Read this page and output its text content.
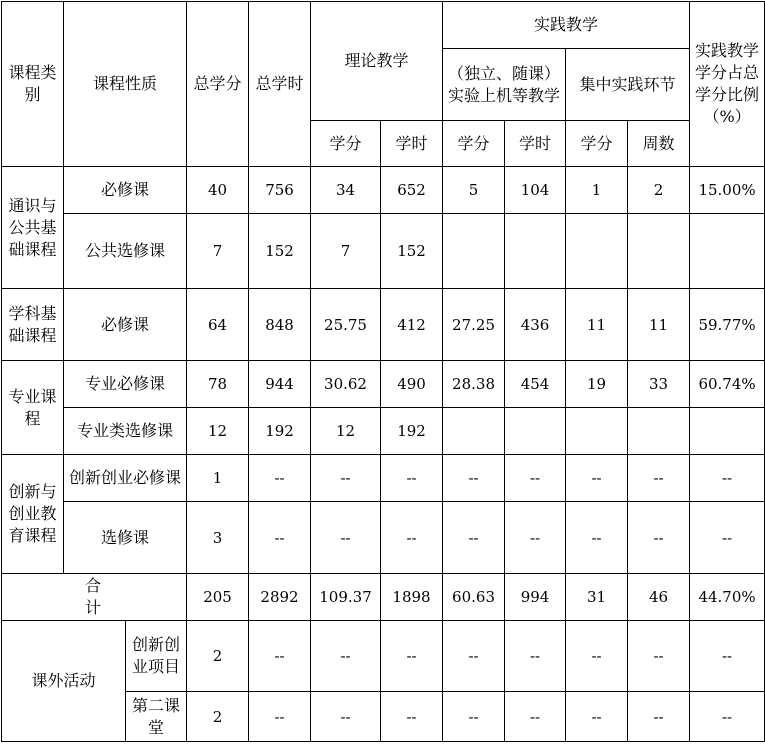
课程类别	课程性质		总学分	总学时	理论教学		实践教学				实践教学学分占总学分比例（%）
							（独立、随课）实验上机等教学		集中实践环节		
					学分	学时	学分	学时	学分	周数	
通识与公共基础课程	必修课		40	756	34	652	5	104	1	2	15.00%
	公共选修课		7	152	7	152					
学科基础课程	必修课		64	848	25.75	412	27.25	436	11	11	59.77%
专业课程	专业必修课		78	944	30.62	490	28.38	454	19	33	60.74%
	专业类选修课		12	192	12	192					
创新与创业教育课程	创新创业必修课		1	--	--	--	--	--	--	--	--
	选修课		3	--	--	--	--	--	--	--	--
合 计			205	2892	109.37	1898	60.63	994	31	46	44.70%
课外活动		创新创业项目	2	--	--	--	--	--	--	--	--
		第二课堂	2	--	--	--	--	--	--	--	--
